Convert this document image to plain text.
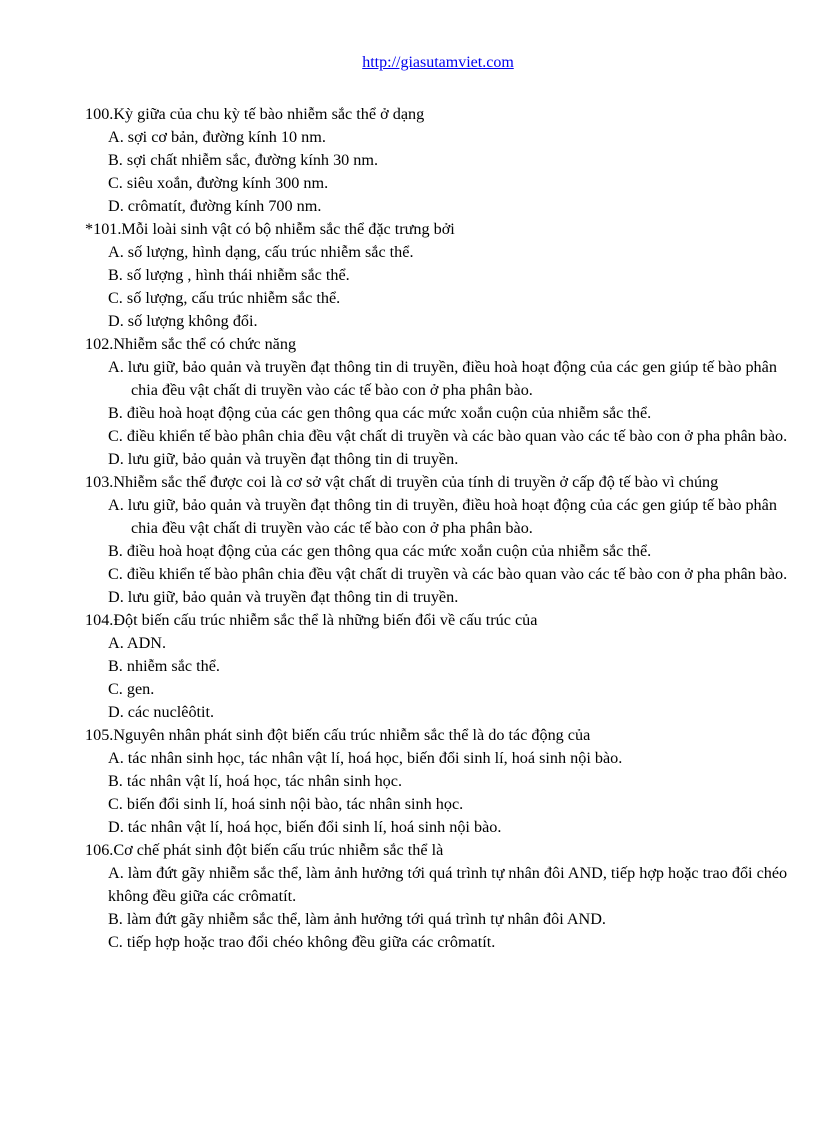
http://giasutamviet.com

100.Kỳ giữa của chu kỳ tế bào nhiễm sắc thể ở dạng

A. sợi cơ bản, đường kính 10 nm.

B. sợi chất nhiễm sắc, đường kính 30 nm.

C. siêu xoắn, đường kính 300 nm.

D. crômatít, đường kính 700 nm.

*101.Mỗi loài sinh vật có bộ nhiễm sắc thể đặc trưng bởi

A. số lượng, hình dạng, cấu trúc nhiễm sắc thể.

B. số lượng , hình thái nhiễm sắc thể.

C. số lượng, cấu trúc nhiễm sắc thể.

D. số lượng không đổi.

102.Nhiễm sắc thể có chức năng

A. lưu giữ, bảo quản và truyền đạt thông tin di truyền, điều hoà hoạt động của các gen giúp tế bào phân chia đều vật chất di truyền vào các tế bào con ở pha phân bào.

B. điều hoà hoạt động của các gen thông qua các mức xoắn cuộn của nhiễm sắc thể.

C. điều khiển tế bào phân chia đều vật chất di truyền và các bào quan vào các tế bào con ở pha phân bào.

D. lưu giữ, bảo quản và truyền đạt thông tin di truyền.

103.Nhiễm sắc thể được coi là cơ sở vật chất di truyền của tính di truyền ở cấp độ tế bào vì chúng

A. lưu giữ, bảo quản và truyền đạt thông tin di truyền, điều hoà hoạt động của các gen giúp tế bào phân chia đều vật chất di truyền vào các tế bào con ở pha phân bào.

B. điều hoà hoạt động của các gen thông qua các mức xoắn cuộn của nhiễm sắc thể.

C. điều khiển tế bào phân chia đều vật chất di truyền và các bào quan vào các tế bào con ở pha phân bào.

D. lưu giữ, bảo quản và truyền đạt thông tin di truyền.

104.Đột biến cấu trúc nhiễm sắc thể là những biến đổi về cấu trúc của

A. ADN.

B. nhiễm sắc thể.

C. gen.

D. các nuclêôtit.

105.Nguyên nhân phát sinh đột biến cấu trúc nhiễm sắc thể là do tác động của

A. tác nhân sinh học, tác nhân vật lí, hoá học, biến đổi sinh lí, hoá sinh nội bào.

B. tác nhân vật lí, hoá học, tác nhân sinh học.

C. biến đổi sinh lí, hoá sinh nội bào, tác nhân sinh học.

D. tác nhân vật lí, hoá học, biến đổi sinh lí, hoá sinh nội bào.

106.Cơ chế phát sinh đột biến cấu trúc nhiễm sắc thể là

A. làm đứt gãy nhiễm sắc thể, làm ảnh hưởng tới quá trình tự nhân đôi AND, tiếp hợp hoặc trao đổi chéo không đều giữa các crômatít.

B. làm đứt gãy nhiễm sắc thể, làm ảnh hưởng tới quá trình tự nhân đôi AND.

C. tiếp hợp hoặc trao đổi chéo không đều giữa các crômatít.
